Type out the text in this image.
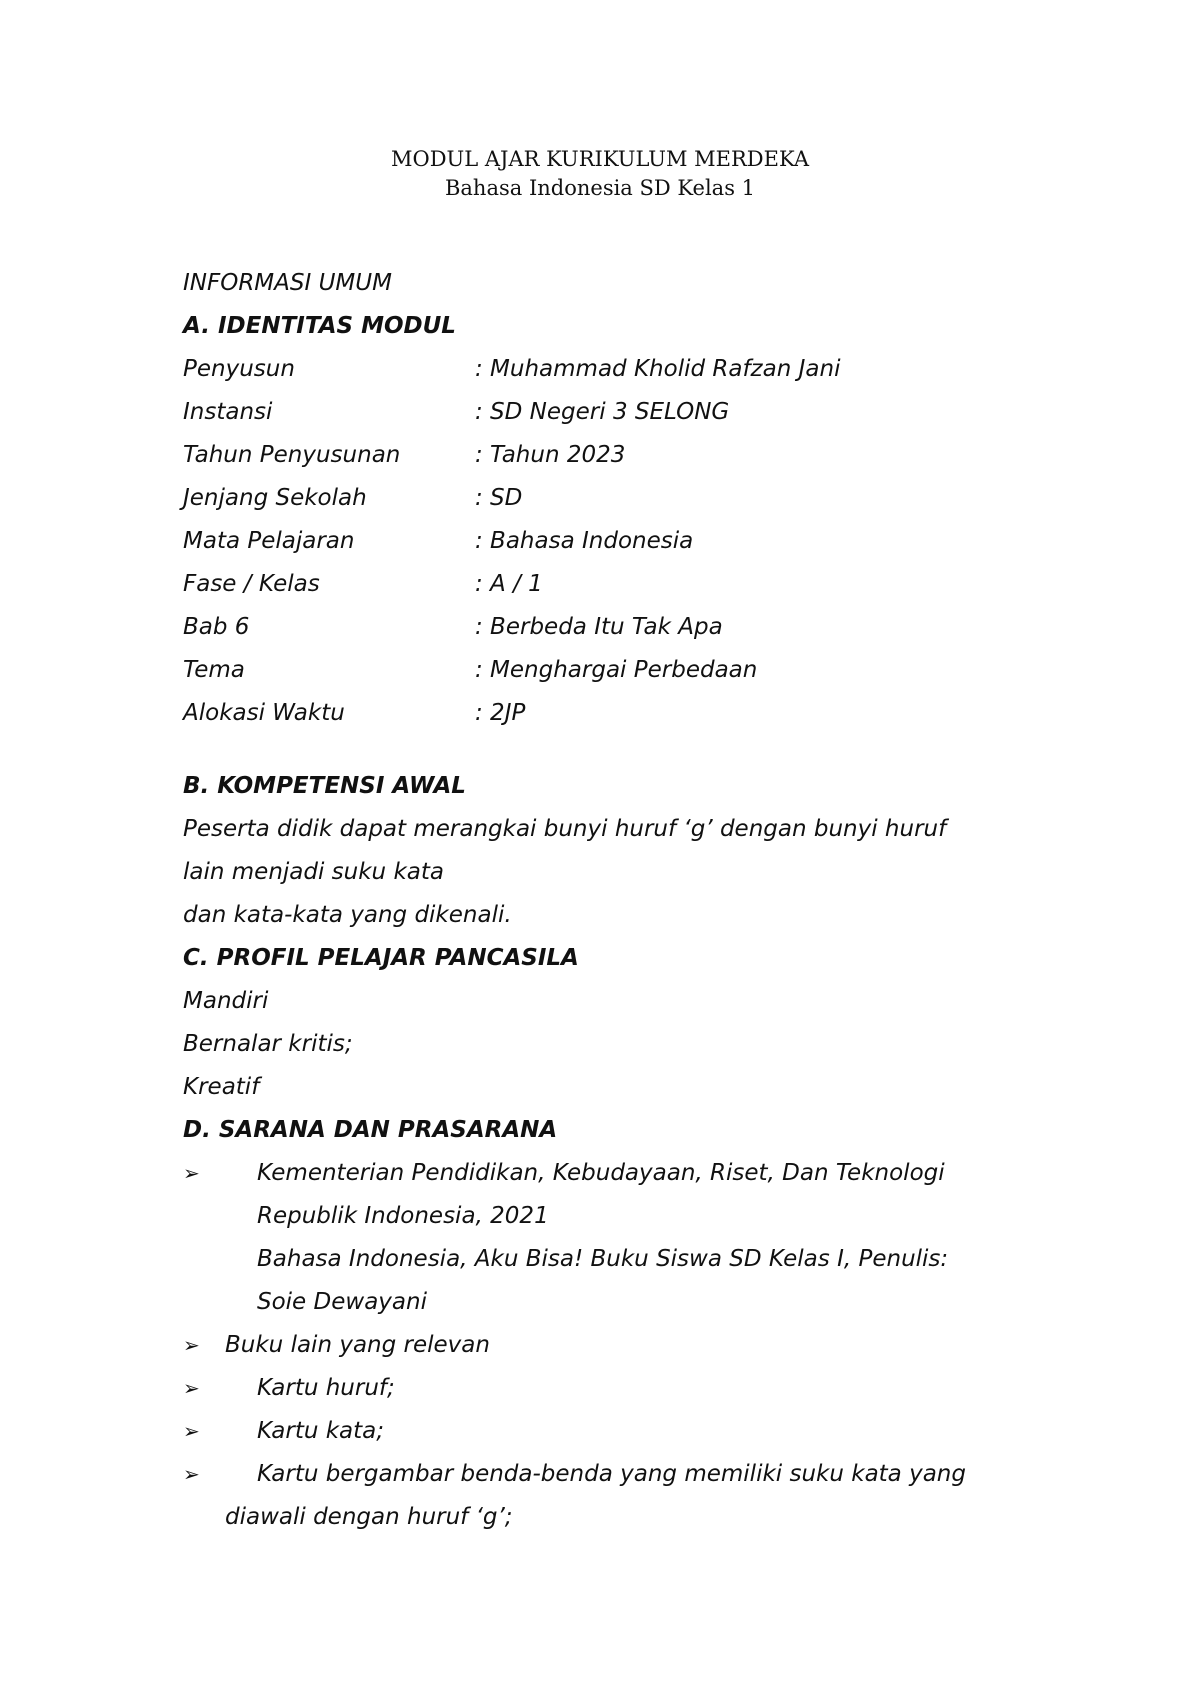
MODUL AJAR KURIKULUM MERDEKA
Bahasa Indonesia SD Kelas 1
INFORMASI UMUM
A. IDENTITAS MODUL
Penyusun	: Muhammad Kholid Rafzan Jani
Instansi	: SD Negeri 3 SELONG
Tahun Penyusunan	: Tahun 2023
Jenjang Sekolah	: SD
Mata Pelajaran	: Bahasa Indonesia
Fase / Kelas	: A / 1
Bab 6	: Berbeda Itu Tak Apa
Tema	: Menghargai Perbedaan
Alokasi Waktu	: 2JP
B. KOMPETENSI AWAL
Peserta didik dapat merangkai bunyi huruf ‘g’ dengan bunyi huruf
lain menjadi suku kata
dan kata-kata yang dikenali.
C. PROFIL PELAJAR PANCASILA
Mandiri
Bernalar kritis;
Kreatif
D. SARANA DAN PRASARANA
➢	Kementerian Pendidikan, Kebudayaan, Riset, Dan Teknologi
Republik Indonesia, 2021
Bahasa Indonesia, Aku Bisa! Buku Siswa SD Kelas I, Penulis:
Soie Dewayani
➢	Buku lain yang relevan
➢	Kartu huruf;
➢	Kartu kata;
➢	Kartu bergambar benda-benda yang memiliki suku kata yang
diawali dengan huruf ‘g’;
